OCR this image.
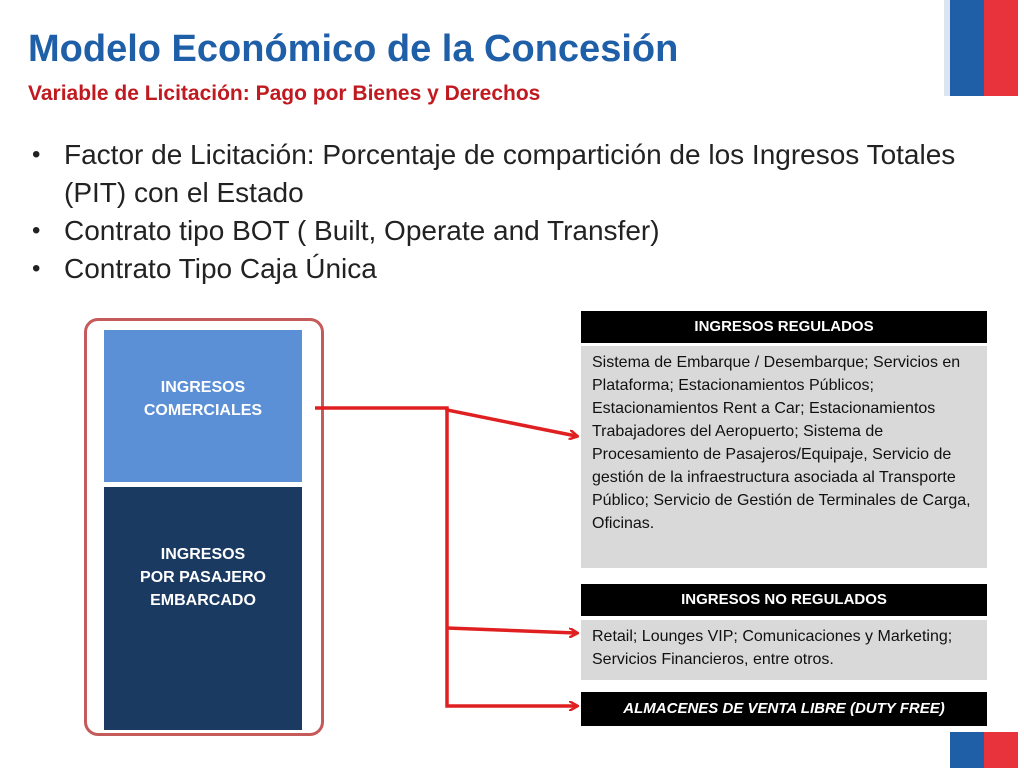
Modelo Económico de la Concesión
Variable de Licitación: Pago por Bienes y Derechos
• Factor de Licitación: Porcentaje de compartición de los Ingresos Totales (PIT) con el Estado
• Contrato tipo BOT ( Built, Operate and Transfer)
• Contrato Tipo Caja Única
INGRESOS
COMERCIALES
INGRESOS
POR PASAJERO
EMBARCADO
INGRESOS REGULADOS
Sistema de Embarque / Desembarque; Servicios en Plataforma; Estacionamientos Públicos; Estacionamientos Rent a Car; Estacionamientos Trabajadores del Aeropuerto; Sistema de Procesamiento de Pasajeros/Equipaje, Servicio de gestión de la infraestructura asociada al Transporte Público; Servicio de Gestión de Terminales de Carga, Oficinas.
INGRESOS NO REGULADOS
Retail; Lounges VIP; Comunicaciones y Marketing; Servicios Financieros, entre otros.
ALMACENES DE VENTA LIBRE (DUTY FREE)
